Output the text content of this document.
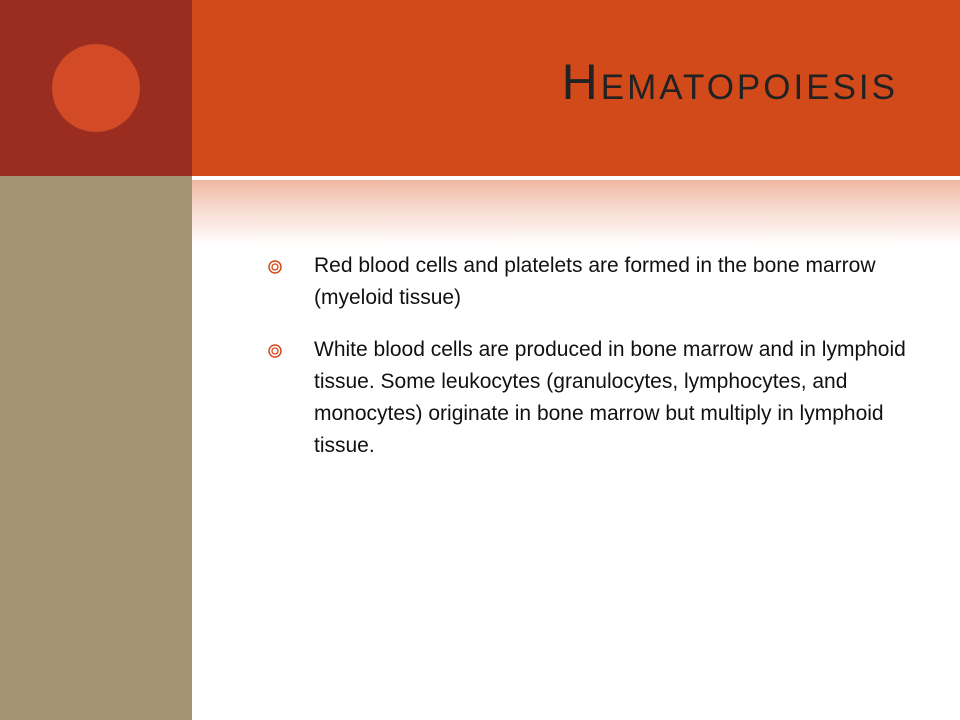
Hematopoiesis
Red blood cells and platelets are formed in the bone marrow (myeloid tissue)
White blood cells are produced in bone marrow and in lymphoid tissue. Some leukocytes (granulocytes, lymphocytes, and monocytes) originate in bone marrow but multiply in lymphoid tissue.
